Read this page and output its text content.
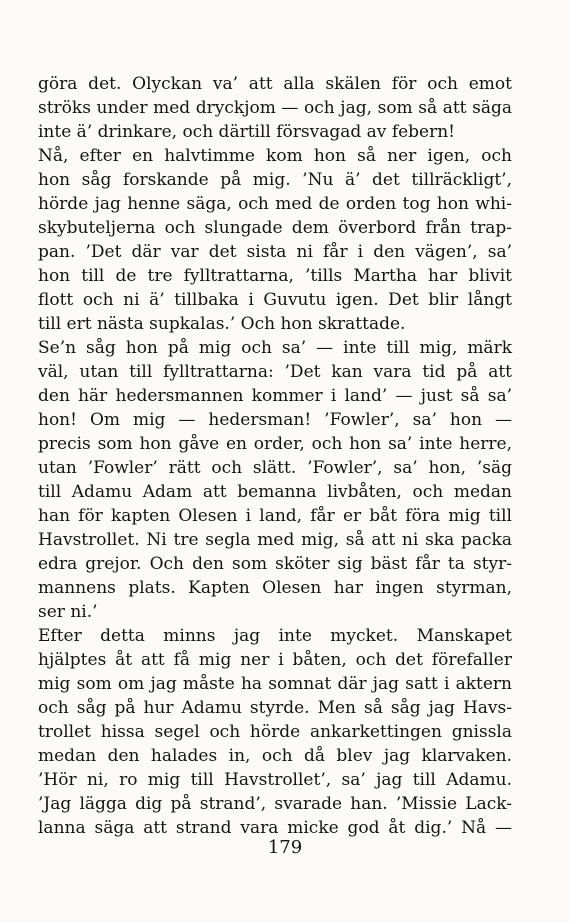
göra det. Olyckan va’ att alla skälen för och emot
ströks under med dryckjom — och jag, som så att säga
inte ä’ drinkare, och därtill försvagad av febern!
Nå, efter en halvtimme kom hon så ner igen, och
hon såg forskande på mig. ’Nu ä’ det tillräckligt’,
hörde jag henne säga, och med de orden tog hon whi-
skybuteljerna och slungade dem överbord från trap-
pan. ’Det där var det sista ni får i den vägen’, sa’
hon till de tre fylltrattarna, ’tills Martha har blivit
flott och ni ä’ tillbaka i Guvutu igen. Det blir långt
till ert nästa supkalas.’ Och hon skrattade.
Se’n såg hon på mig och sa’ — inte till mig, märk
väl, utan till fylltrattarna: ’Det kan vara tid på att
den här hedersmannen kommer i land’ — just så sa’
hon! Om mig — hedersman! ’Fowler’, sa’ hon —
precis som hon gåve en order, och hon sa’ inte herre,
utan ’Fowler’ rätt och slätt. ’Fowler’, sa’ hon, ’säg
till Adamu Adam att bemanna livbåten, och medan
han för kapten Olesen i land, får er båt föra mig till
Havstrollet. Ni tre segla med mig, så att ni ska packa
edra grejor. Och den som sköter sig bäst får ta styr-
mannens plats. Kapten Olesen har ingen styrman,
ser ni.’
Efter detta minns jag inte mycket. Manskapet
hjälptes åt att få mig ner i båten, och det förefaller
mig som om jag måste ha somnat där jag satt i aktern
och såg på hur Adamu styrde. Men så såg jag Havs-
trollet hissa segel och hörde ankarkettingen gnissla
medan den halades in, och då blev jag klarvaken.
’Hör ni, ro mig till Havstrollet’, sa’ jag till Adamu.
’Jag lägga dig på strand’, svarade han. ’Missie Lack-
lanna säga att strand vara micke god åt dig.’ Nå —
179
